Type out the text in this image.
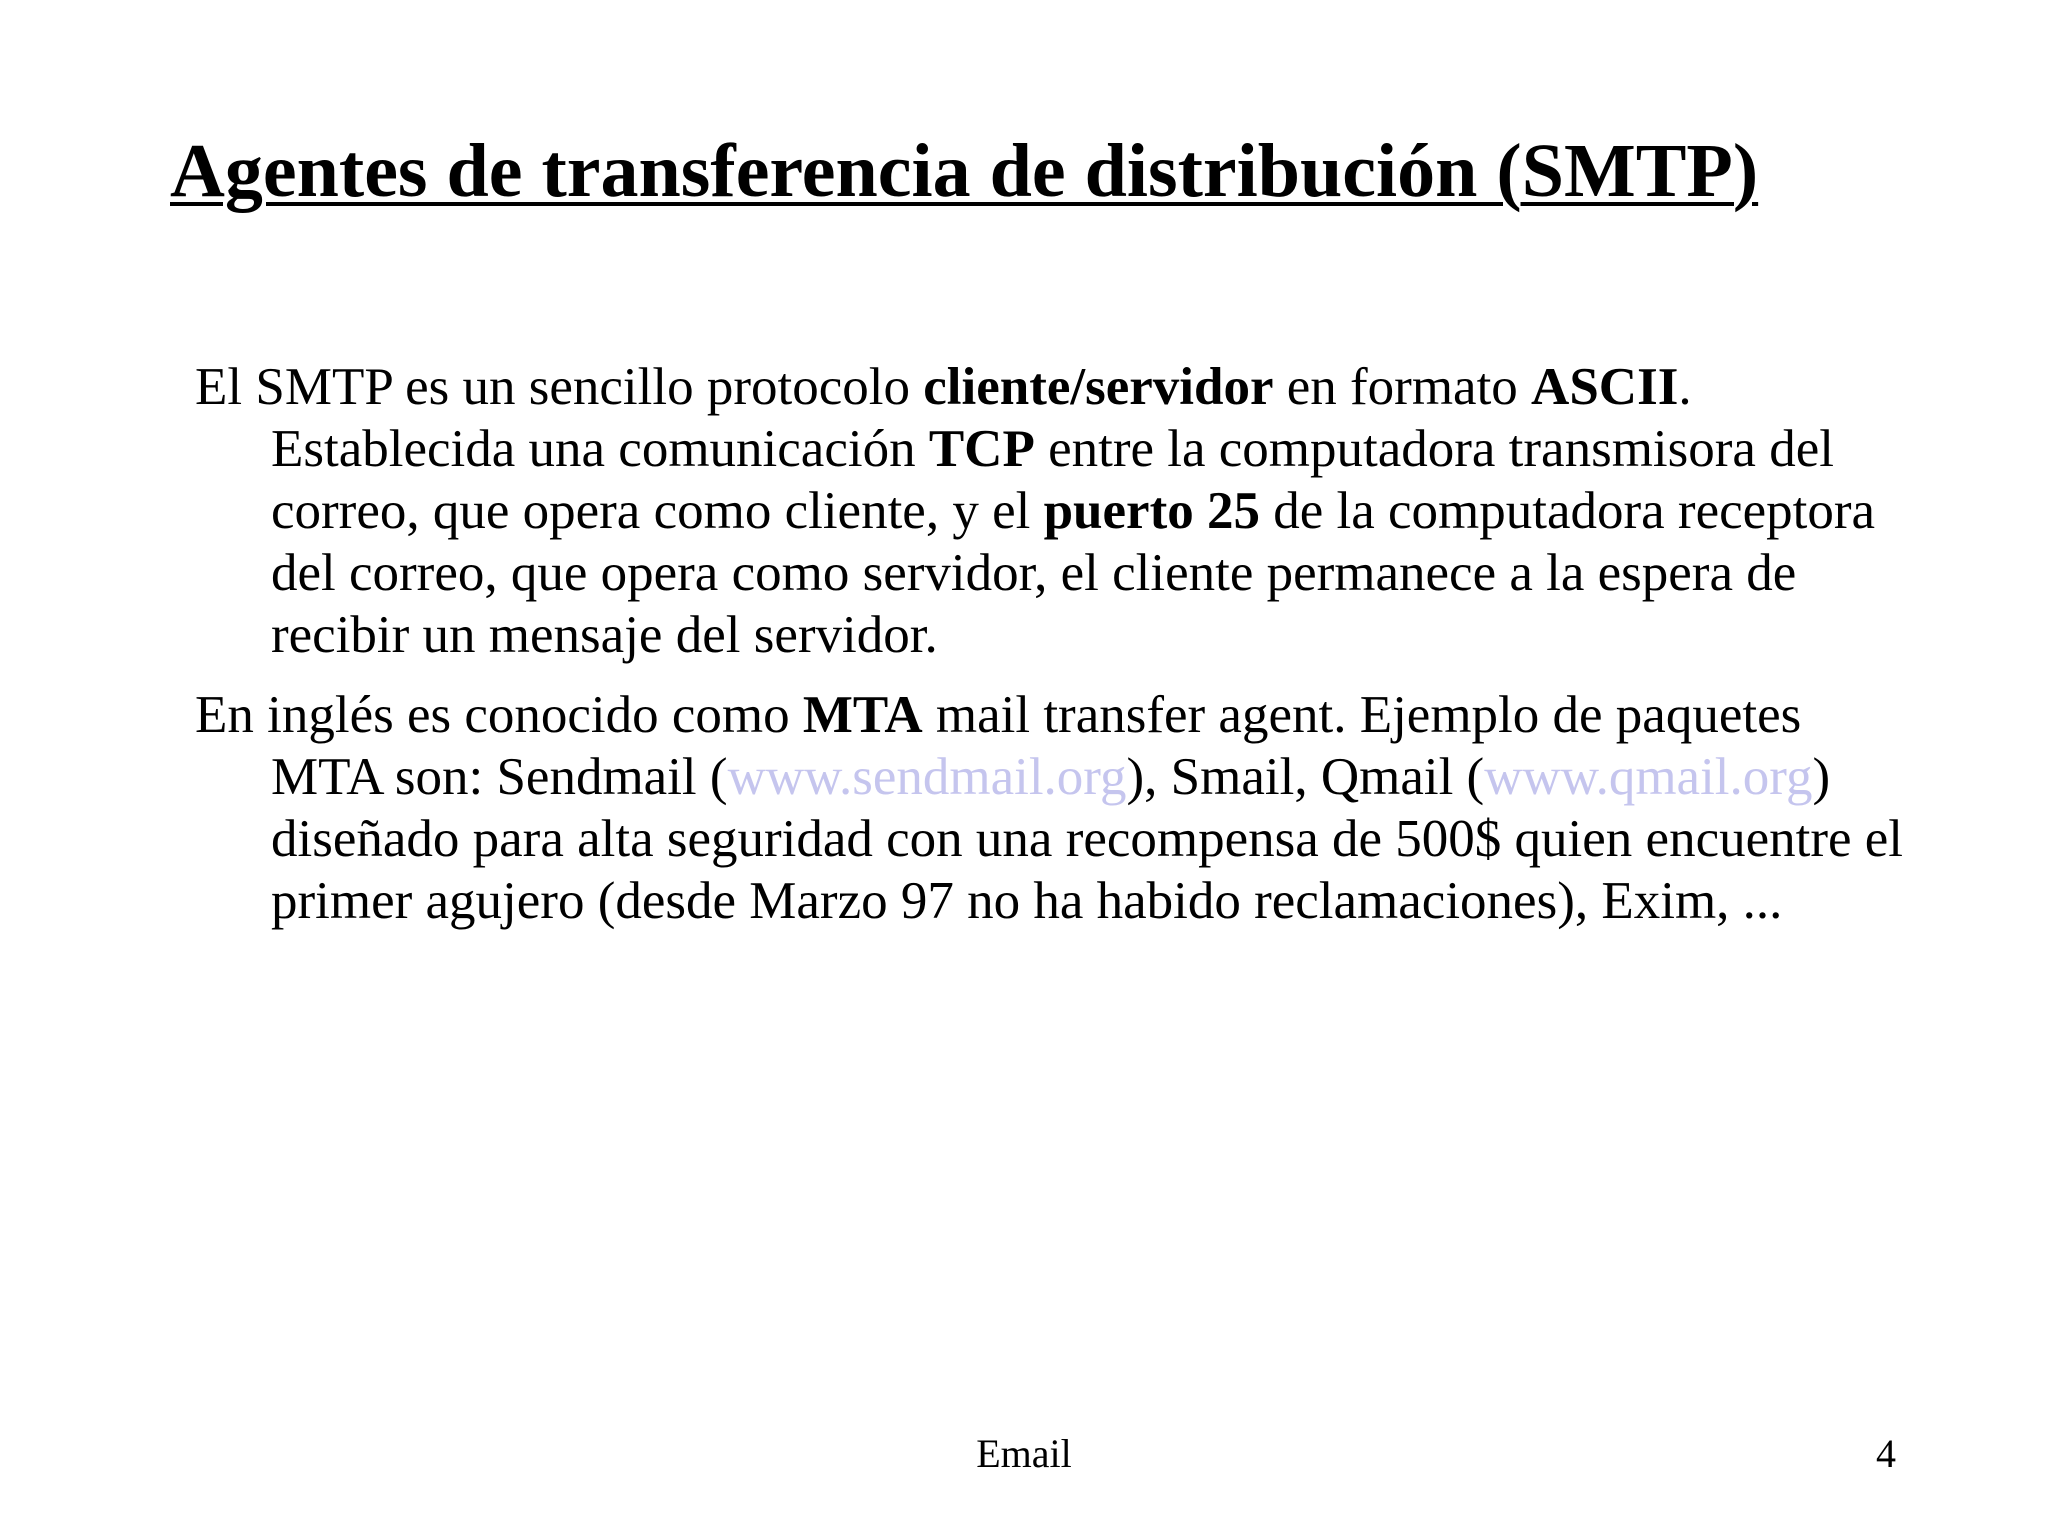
Agentes de transferencia de distribución (SMTP)

El SMTP es un sencillo protocolo cliente/servidor en formato ASCII. Establecida una comunicación TCP entre la computadora transmisora del correo, que opera como cliente, y el puerto 25 de la computadora receptora del correo, que opera como servidor, el cliente permanece a la espera de recibir un mensaje del servidor.

En inglés es conocido como MTA mail transfer agent. Ejemplo de paquetes MTA son: Sendmail (www.sendmail.org), Smail, Qmail (www.qmail.org) diseñado para alta seguridad con una recompensa de 500$ quien encuentre el primer agujero (desde Marzo 97 no ha habido reclamaciones), Exim, ...

Email	4
